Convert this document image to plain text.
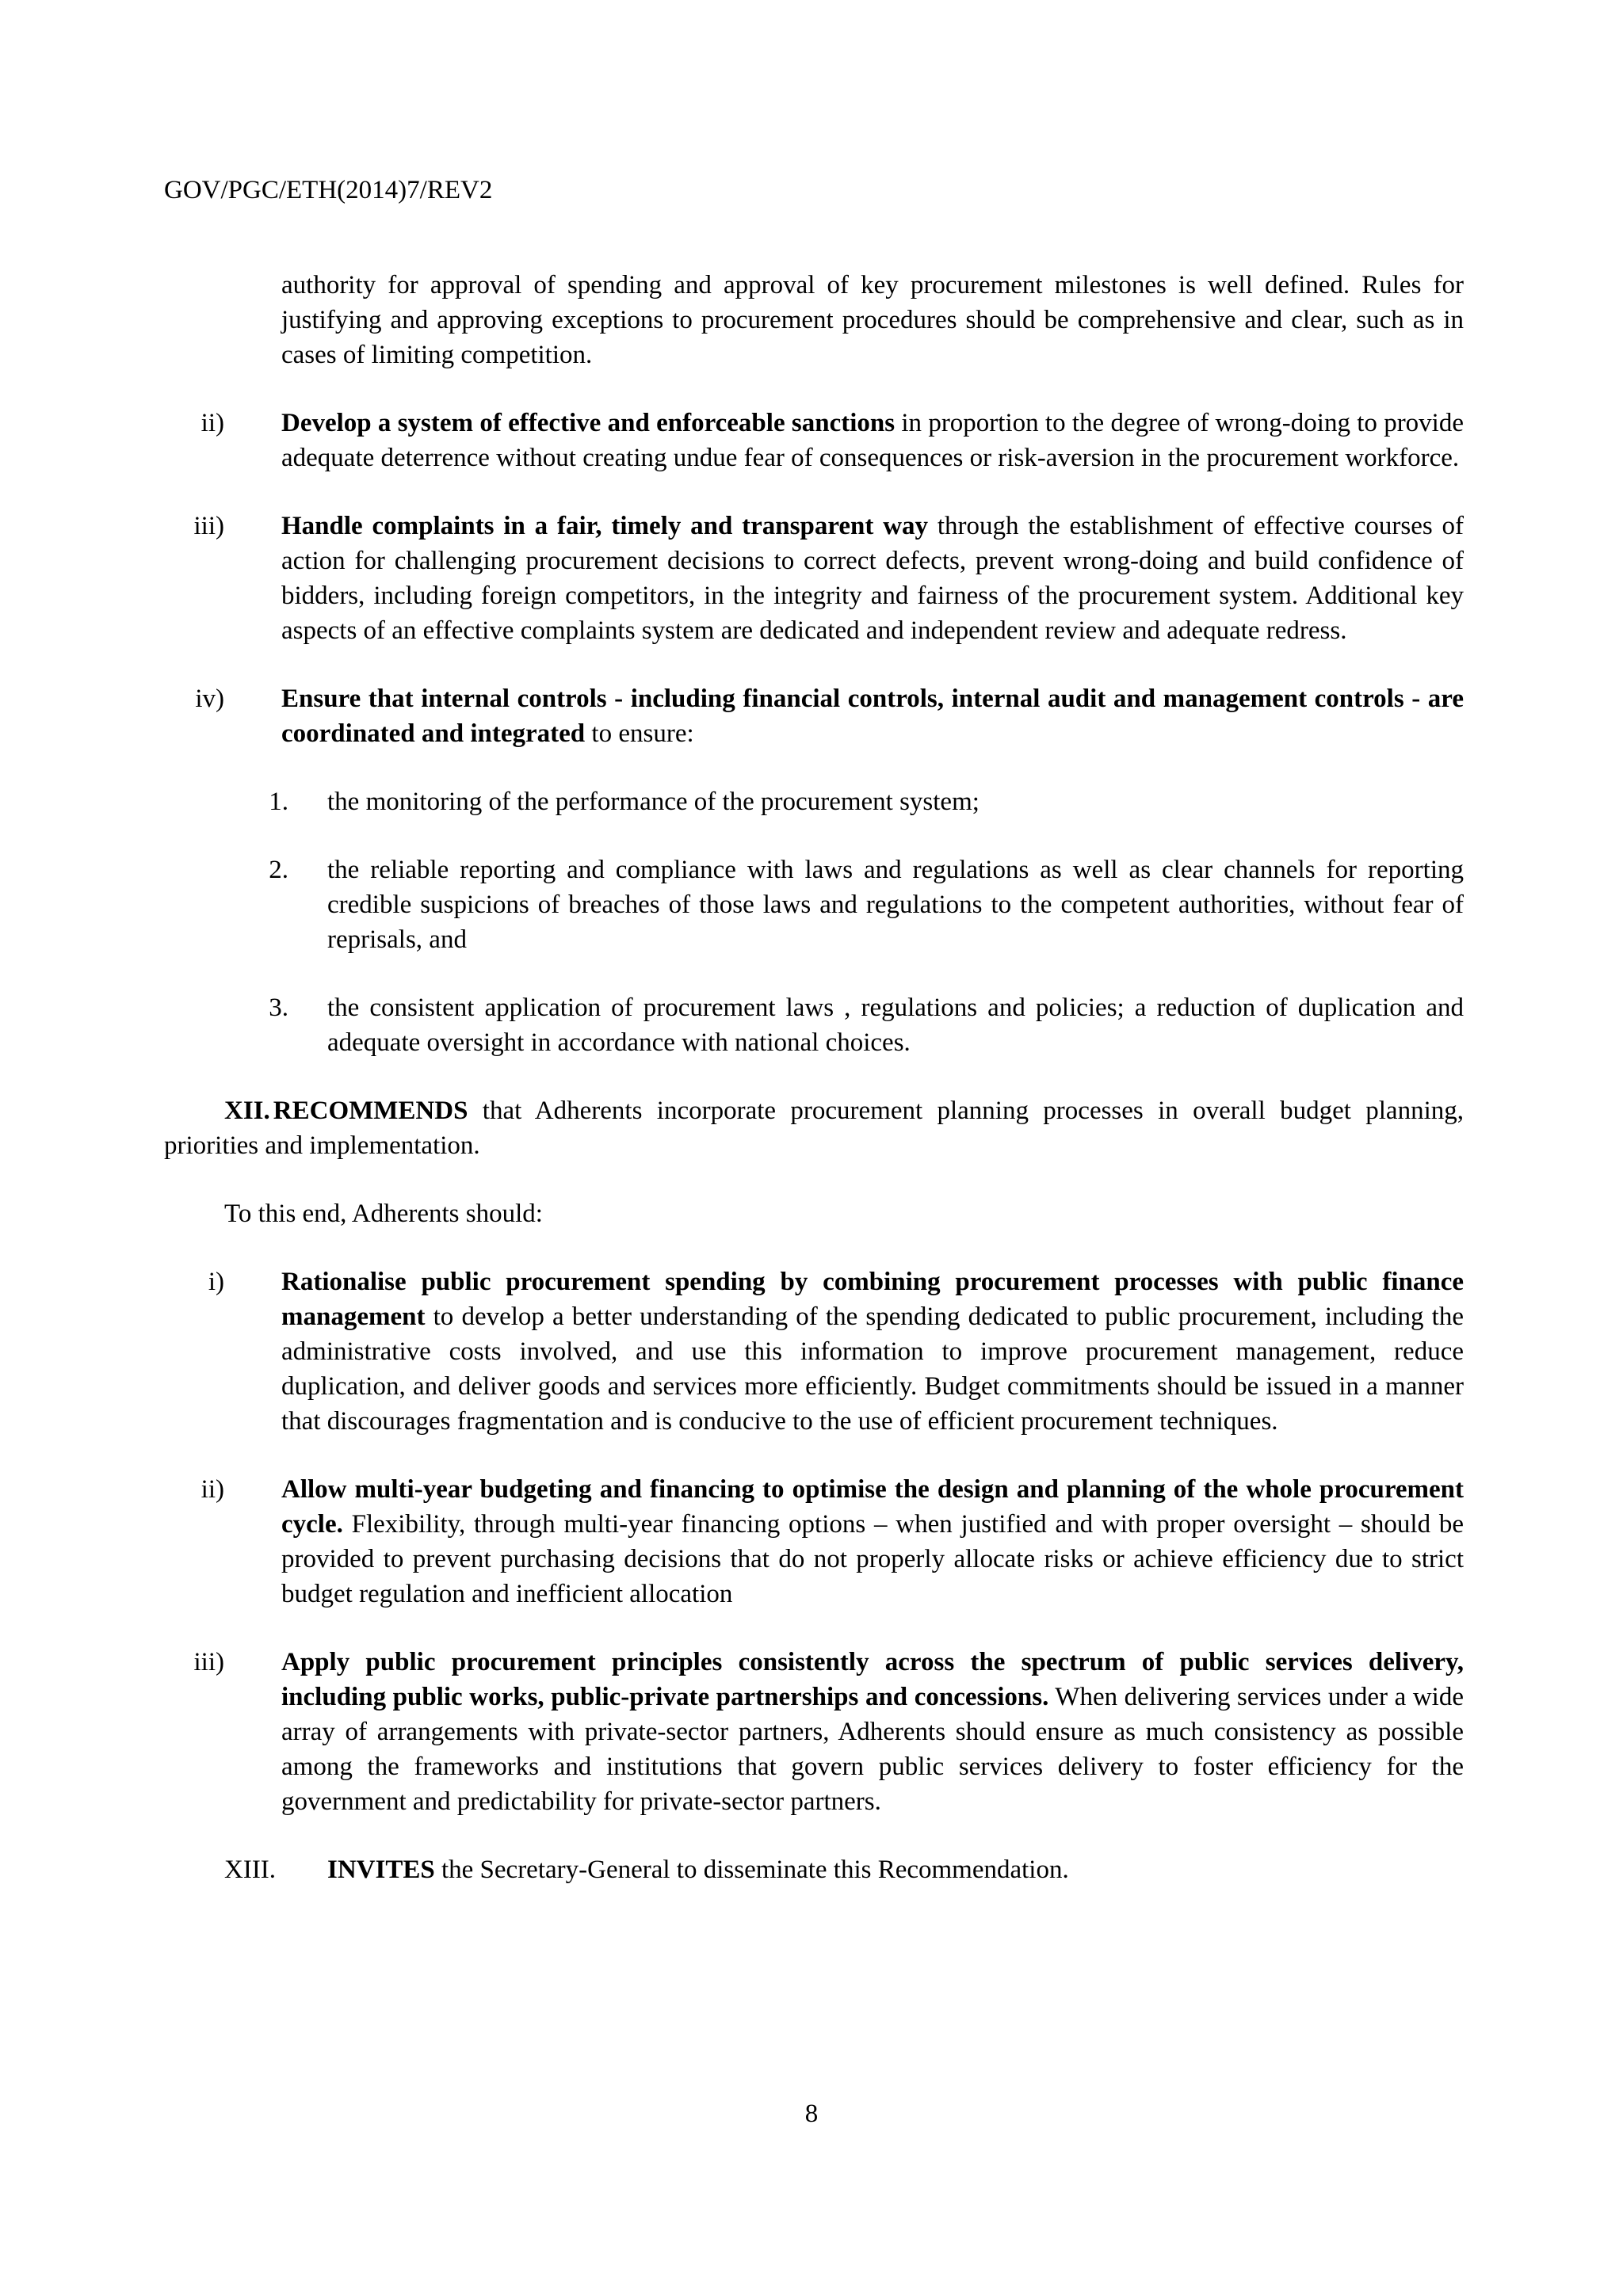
GOV/PGC/ETH(2014)7/REV2

authority for approval of spending and approval of key procurement milestones is well defined. Rules for justifying and approving exceptions to procurement procedures should be comprehensive and clear, such as in cases of limiting competition.

ii) Develop a system of effective and enforceable sanctions in proportion to the degree of wrong-doing to provide adequate deterrence without creating undue fear of consequences or risk-aversion in the procurement workforce.

iii) Handle complaints in a fair, timely and transparent way through the establishment of effective courses of action for challenging procurement decisions to correct defects, prevent wrong-doing and build confidence of bidders, including foreign competitors, in the integrity and fairness of the procurement system. Additional key aspects of an effective complaints system are dedicated and independent review and adequate redress.

iv) Ensure that internal controls - including financial controls, internal audit and management controls - are coordinated and integrated to ensure:

1. the monitoring of the performance of the procurement system;

2. the reliable reporting and compliance with laws and regulations as well as clear channels for reporting credible suspicions of breaches of those laws and regulations to the competent authorities, without fear of reprisals, and

3. the consistent application of procurement laws , regulations and policies; a reduction of duplication and adequate oversight in accordance with national choices.

XII. RECOMMENDS that Adherents incorporate procurement planning processes in overall budget planning, priorities and implementation.

To this end, Adherents should:

i) Rationalise public procurement spending by combining procurement processes with public finance management to develop a better understanding of the spending dedicated to public procurement, including the administrative costs involved, and use this information to improve procurement management, reduce duplication, and deliver goods and services more efficiently. Budget commitments should be issued in a manner that discourages fragmentation and is conducive to the use of efficient procurement techniques.

ii) Allow multi-year budgeting and financing to optimise the design and planning of the whole procurement cycle. Flexibility, through multi-year financing options – when justified and with proper oversight – should be provided to prevent purchasing decisions that do not properly allocate risks or achieve efficiency due to strict budget regulation and inefficient allocation

iii) Apply public procurement principles consistently across the spectrum of public services delivery, including public works, public-private partnerships and concessions. When delivering services under a wide array of arrangements with private-sector partners, Adherents should ensure as much consistency as possible among the frameworks and institutions that govern public services delivery to foster efficiency for the government and predictability for private-sector partners.

XIII. INVITES the Secretary-General to disseminate this Recommendation.

8
